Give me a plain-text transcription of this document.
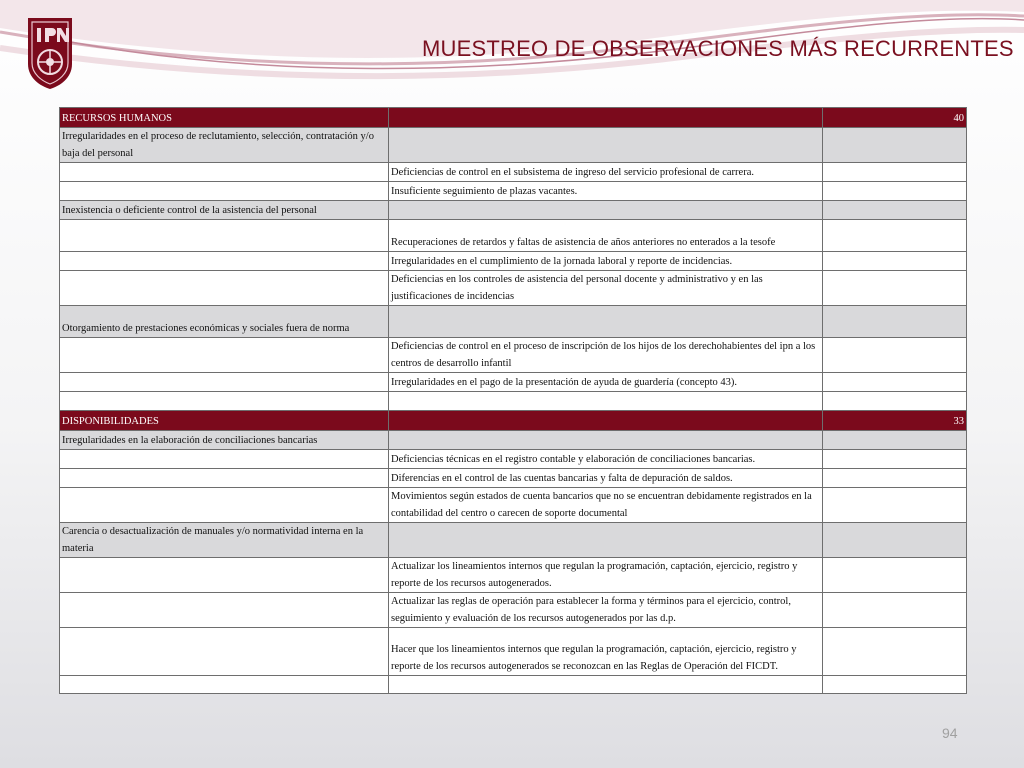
MUESTREO DE OBSERVACIONES MÁS RECURRENTES
RECURSOS HUMANOS		40
Irregularidades en el proceso de reclutamiento, selección, contratación y/o baja del personal		
	Deficiencias de control en el subsistema de ingreso del servicio profesional de carrera.	
	Insuficiente seguimiento de plazas vacantes.	
Inexistencia o deficiente control de la asistencia del personal		
	Recuperaciones de retardos y faltas de asistencia de años anteriores no enterados a la tesofe	
	Irregularidades en el cumplimiento de la jornada laboral y reporte de incidencias.	
	Deficiencias en los controles de asistencia del personal docente y administrativo y en las justificaciones de incidencias	
Otorgamiento de prestaciones económicas y sociales fuera de norma		
	Deficiencias de control en el proceso de inscripción de los hijos de los derechohabientes del ipn a los centros de desarrollo infantil	
	Irregularidades en el pago de la presentación de ayuda de guardería (concepto 43).	

DISPONIBILIDADES		33
Irregularidades en la elaboración de conciliaciones bancarias		
	Deficiencias técnicas en el registro contable y elaboración de conciliaciones bancarias.	
	Diferencias en el control de las cuentas bancarias y falta de depuración de saldos.	
	Movimientos según estados de cuenta bancarios que no se encuentran debidamente registrados en la contabilidad del centro o carecen de soporte documental	
Carencia o desactualización de manuales y/o normatividad interna en la materia		
	Actualizar los lineamientos internos que regulan la programación, captación, ejercicio, registro y reporte de los recursos autogenerados.	
	Actualizar las reglas de operación para establecer la forma y términos para el ejercicio, control, seguimiento y evaluación de los recursos autogenerados por las d.p.	
	Hacer que los lineamientos internos que regulan la programación, captación, ejercicio, registro y reporte de los recursos autogenerados se reconozcan en las Reglas de Operación del FICDT.	

94
